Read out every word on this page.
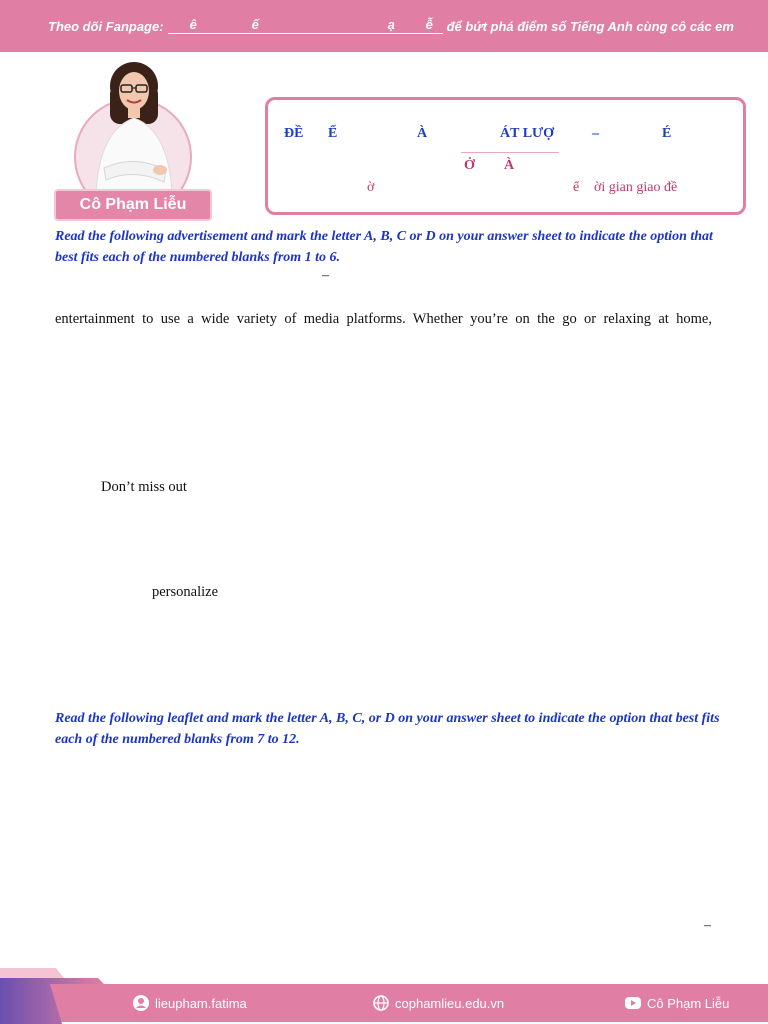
Theo dõi Fanpage: ê	ế	ạ ễ để bứt phá điểm số Tiếng Anh cùng cô các em
Cô Phạm Liễu
ĐỀ Ế	À	ÁT LƯỢ	–	É
Ở À
ờ	ể ời gian giao đề
Read the following advertisement and mark the letter A, B, C or D on your answer sheet to indicate the option that best fits each of the numbered blanks from 1 to 6.
–
entertainment to use a wide variety of media platforms. Whether you’re on the go or relaxing at home,
Don’t miss out
personalize
Read the following leaflet and mark the letter A, B, C, or D on your answer sheet to indicate the option that best fits each of the numbered blanks from 7 to 12.
–
lieupham.fatima	cophamlieu.edu.vn	Cô Phạm Liễu
